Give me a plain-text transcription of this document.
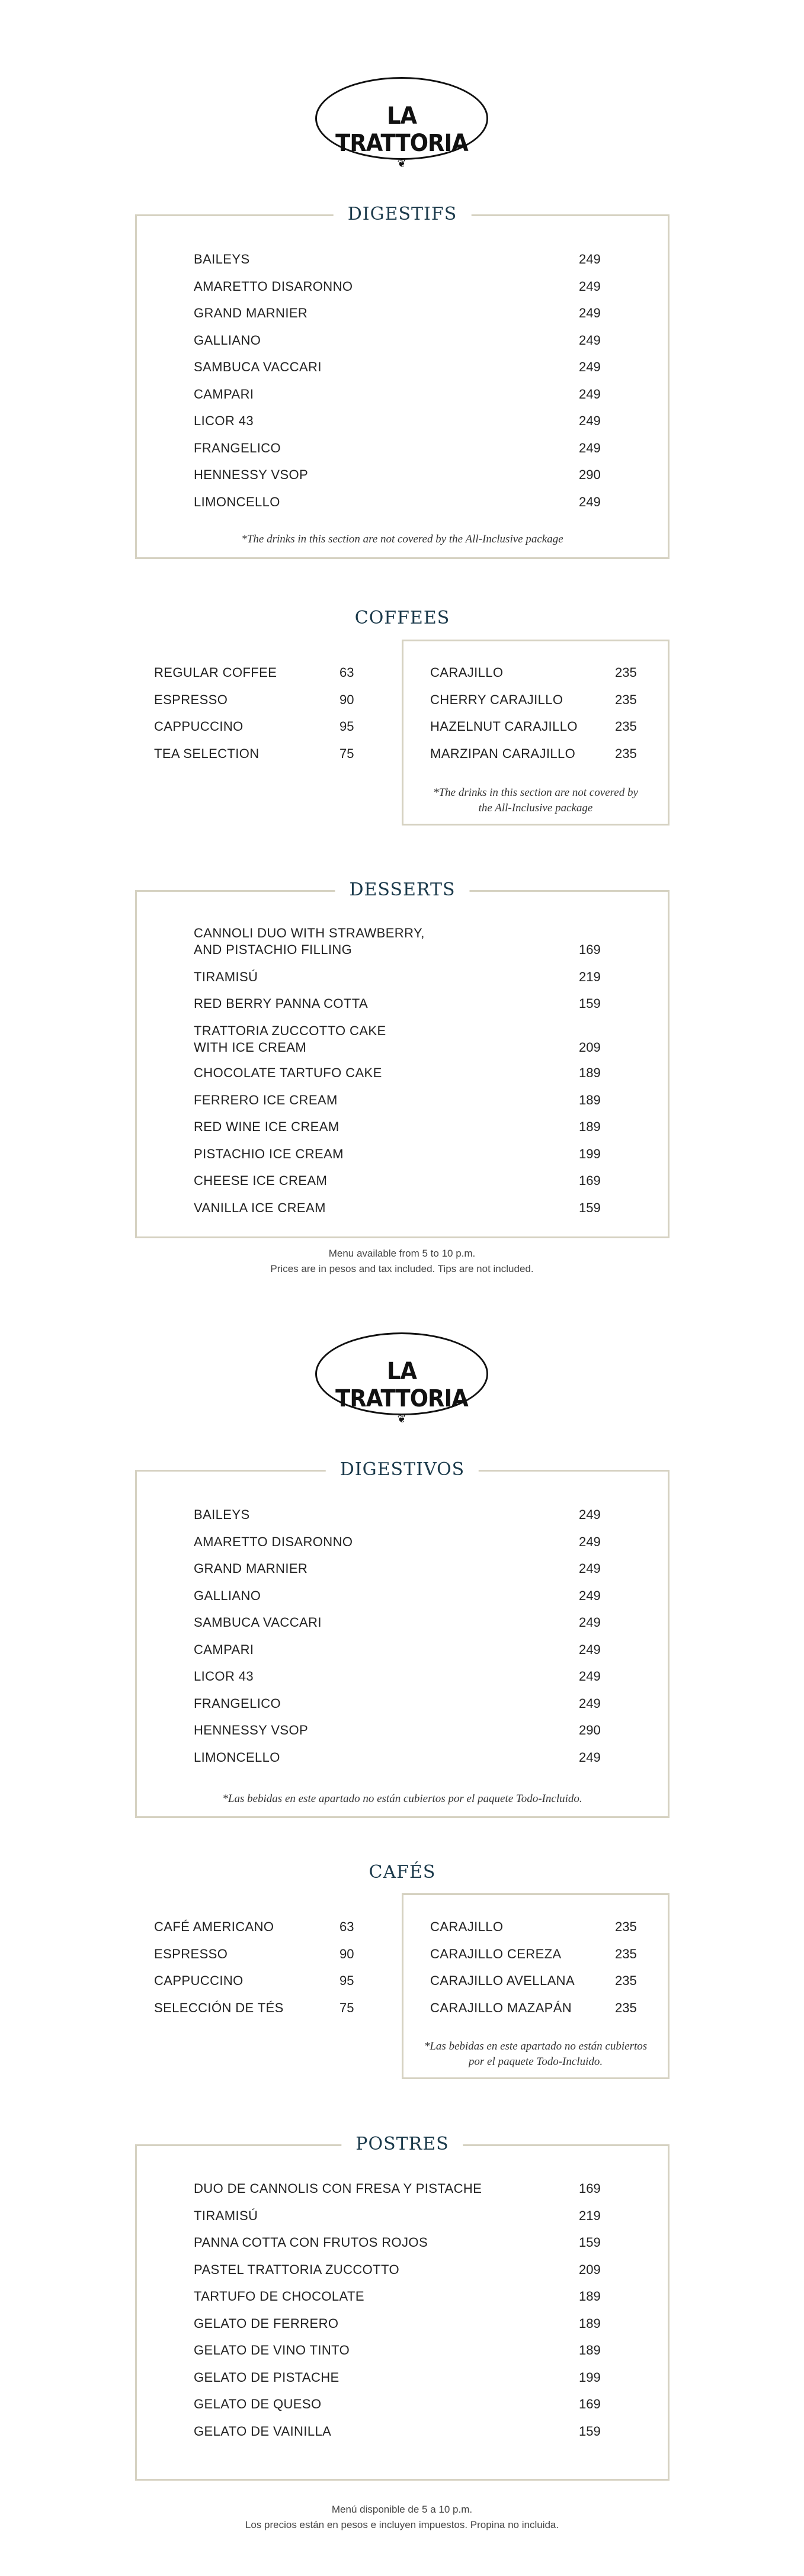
LA TRATTORIA
❦
DIGESTIFS
BAILEYS	249
AMARETTO DISARONNO	249
GRAND MARNIER	249
GALLIANO	249
SAMBUCA VACCARI	249
CAMPARI	249
LICOR 43	249
FRANGELICO	249
HENNESSY VSOP	290
LIMONCELLO	249
*The drinks in this section are not covered by the All-Inclusive package
COFFEES
REGULAR COFFEE	63
ESPRESSO	90
CAPPUCCINO	95
TEA SELECTION	75
CARAJILLO	235
CHERRY CARAJILLO	235
HAZELNUT CARAJILLO	235
MARZIPAN CARAJILLO	235
*The drinks in this section are not covered by
the All-Inclusive package
DESSERTS
CANNOLI DUO WITH STRAWBERRY,
AND PISTACHIO FILLING	169
TIRAMISÚ	219
RED BERRY PANNA COTTA	159
TRATTORIA ZUCCOTTO CAKE
WITH ICE CREAM	209
CHOCOLATE TARTUFO CAKE	189
FERRERO ICE CREAM	189
RED WINE ICE CREAM	189
PISTACHIO ICE CREAM	199
CHEESE ICE CREAM	169
VANILLA ICE CREAM	159
Menu available from 5 to 10 p.m.
Prices are in pesos and tax included. Tips are not included.
LA TRATTORIA
❦
DIGESTIVOS
BAILEYS	249
AMARETTO DISARONNO	249
GRAND MARNIER	249
GALLIANO	249
SAMBUCA VACCARI	249
CAMPARI	249
LICOR 43	249
FRANGELICO	249
HENNESSY VSOP	290
LIMONCELLO	249
*Las bebidas en este apartado no están cubiertos por el paquete Todo-Incluido.
CAFÉS
CAFÉ AMERICANO	63
ESPRESSO	90
CAPPUCCINO	95
SELECCIÓN DE TÉS	75
CARAJILLO	235
CARAJILLO CEREZA	235
CARAJILLO AVELLANA	235
CARAJILLO MAZAPÁN	235
*Las bebidas en este apartado no están cubiertos
por el paquete Todo-Incluido.
POSTRES
DUO DE CANNOLIS CON FRESA Y PISTACHE	169
TIRAMISÚ	219
PANNA COTTA CON FRUTOS ROJOS	159
PASTEL TRATTORIA ZUCCOTTO	209
TARTUFO DE CHOCOLATE	189
GELATO DE FERRERO	189
GELATO DE VINO TINTO	189
GELATO DE PISTACHE	199
GELATO DE QUESO	169
GELATO DE VAINILLA	159
Menú disponible de 5 a 10 p.m.
Los precios están en pesos e incluyen impuestos. Propina no incluida.
